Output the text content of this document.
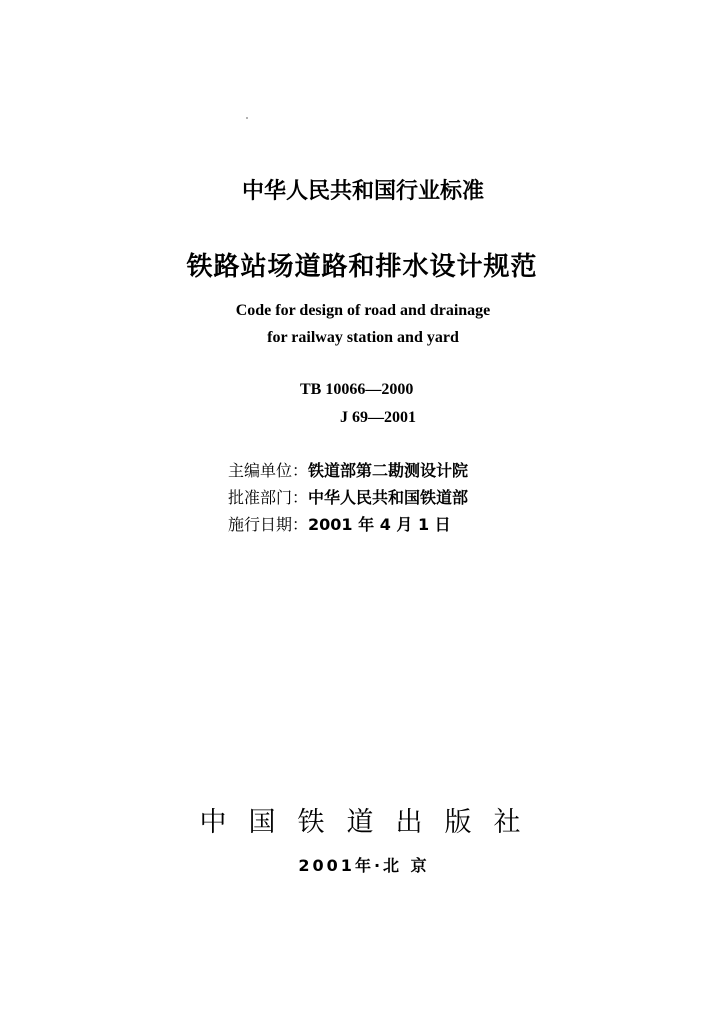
中华人民共和国行业标准
铁路站场道路和排水设计规范
Code for design of road and drainage
for railway station and yard
TB 10066—2000
J 69—2001
主编单位：铁道部第二勘测设计院
批准部门：中华人民共和国铁道部
施行日期：2001 年 4 月 1 日
中国铁道出版社
2001年·北 京
